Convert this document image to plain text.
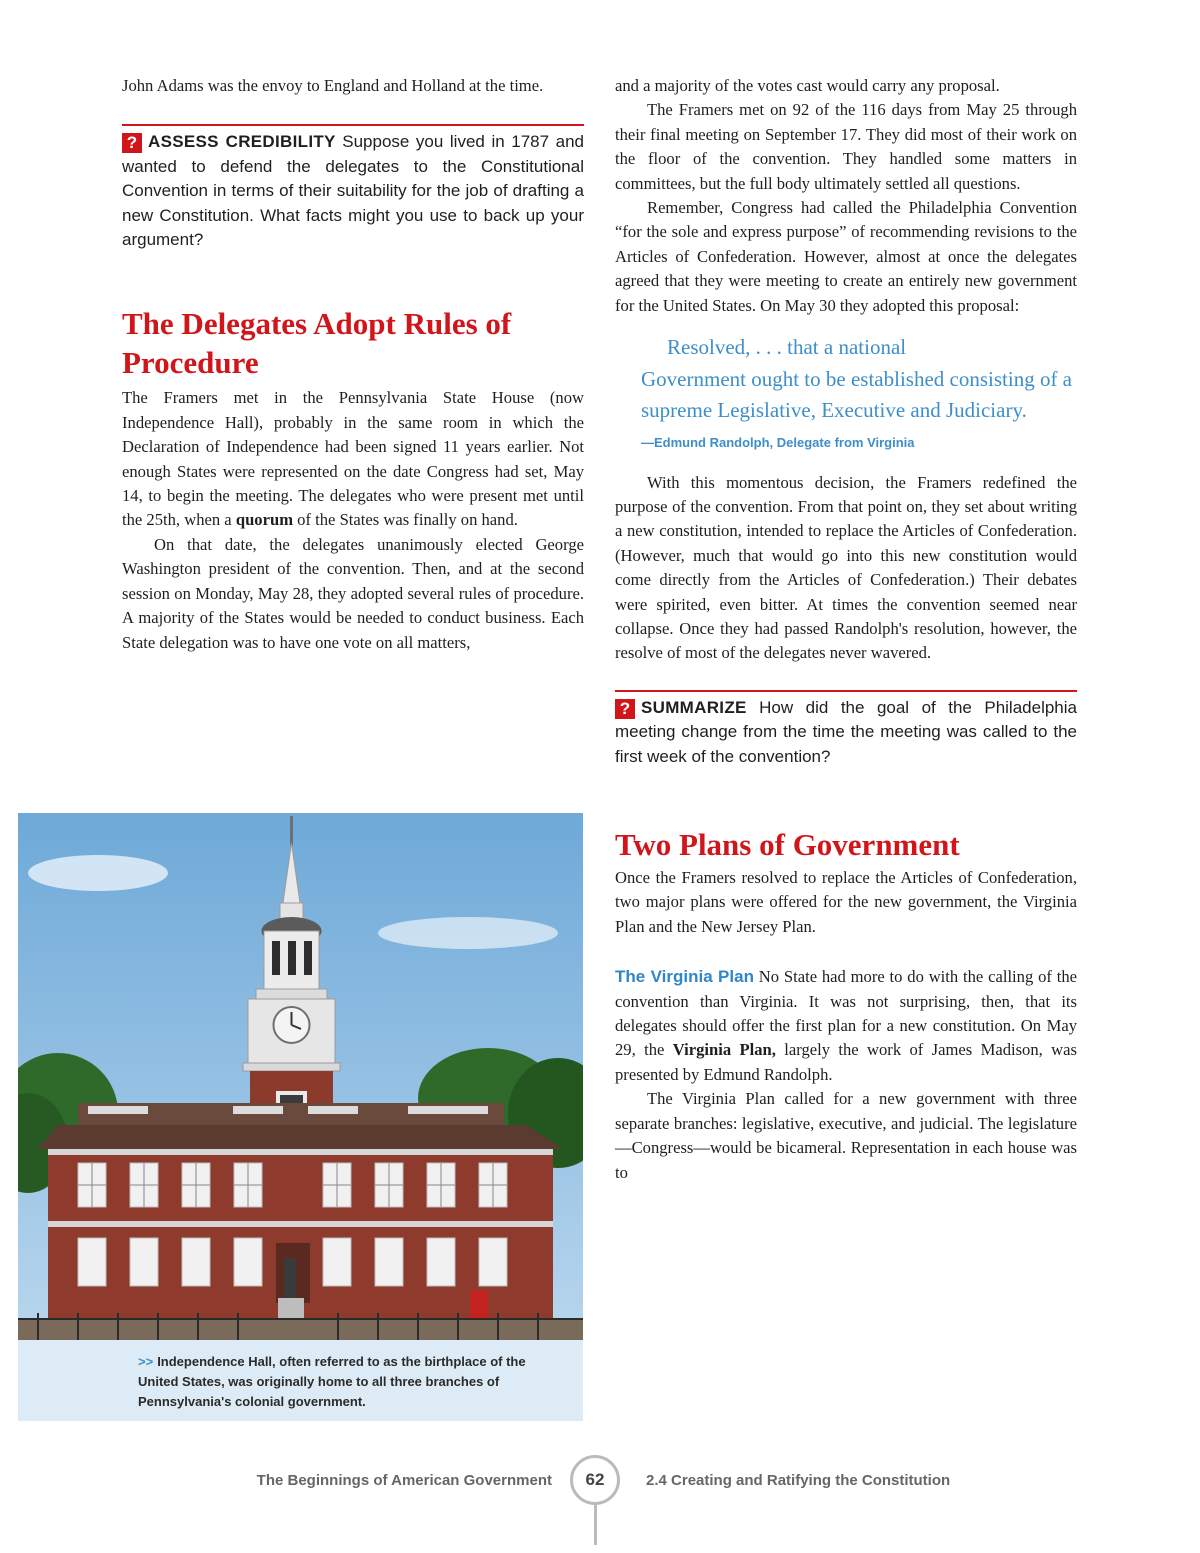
John Adams was the envoy to England and Holland at the time.

? ASSESS CREDIBILITY Suppose you lived in 1787 and wanted to defend the delegates to the Constitutional Convention in terms of their suitability for the job of drafting a new Constitution. What facts might you use to back up your argument?
The Delegates Adopt Rules of Procedure

The Framers met in the Pennsylvania State House (now Independence Hall), probably in the same room in which the Declaration of Independence had been signed 11 years earlier. Not enough States were represented on the date Congress had set, May 14, to begin the meeting. The delegates who were present met until the 25th, when a quorum of the States was finally on hand.

On that date, the delegates unanimously elected George Washington president of the convention. Then, and at the second session on Monday, May 28, they adopted several rules of procedure. A majority of the States would be needed to conduct business. Each State delegation was to have one vote on all matters,

>> Independence Hall, often referred to as the birthplace of the United States, was originally home to all three branches of Pennsylvania's colonial government.

and a majority of the votes cast would carry any proposal.

The Framers met on 92 of the 116 days from May 25 through their final meeting on September 17. They did most of their work on the floor of the convention. They handled some matters in committees, but the full body ultimately settled all questions.

Remember, Congress had called the Philadelphia Convention “for the sole and express purpose” of recommending revisions to the Articles of Confederation. However, almost at once the delegates agreed that they were meeting to create an entirely new government for the United States. On May 30 they adopted this proposal:

Resolved, . . . that a national
Government ought to be established consisting of a supreme Legislative, Executive and Judiciary.
—Edmund Randolph, Delegate from Virginia

With this momentous decision, the Framers redefined the purpose of the convention. From that point on, they set about writing a new constitution, intended to replace the Articles of Confederation. (However, much that would go into this new constitution would come directly from the Articles of Confederation.) Their debates were spirited, even bitter. At times the convention seemed near collapse. Once they had passed Randolph's resolution, however, the resolve of most of the delegates never wavered.

? SUMMARIZE How did the goal of the Philadelphia meeting change from the time the meeting was called to the first week of the convention?
Two Plans of Government

Once the Framers resolved to replace the Articles of Confederation, two major plans were offered for the new government, the Virginia Plan and the New Jersey Plan.

The Virginia Plan No State had more to do with the calling of the convention than Virginia. It was not surprising, then, that its delegates should offer the first plan for a new constitution. On May 29, the Virginia Plan, largely the work of James Madison, was presented by Edmund Randolph.

The Virginia Plan called for a new government with three separate branches: legislative, executive, and judicial. The legislature—Congress—would be bicameral. Representation in each house was to

The Beginnings of American Government	62	2.4 Creating and Ratifying the Constitution
